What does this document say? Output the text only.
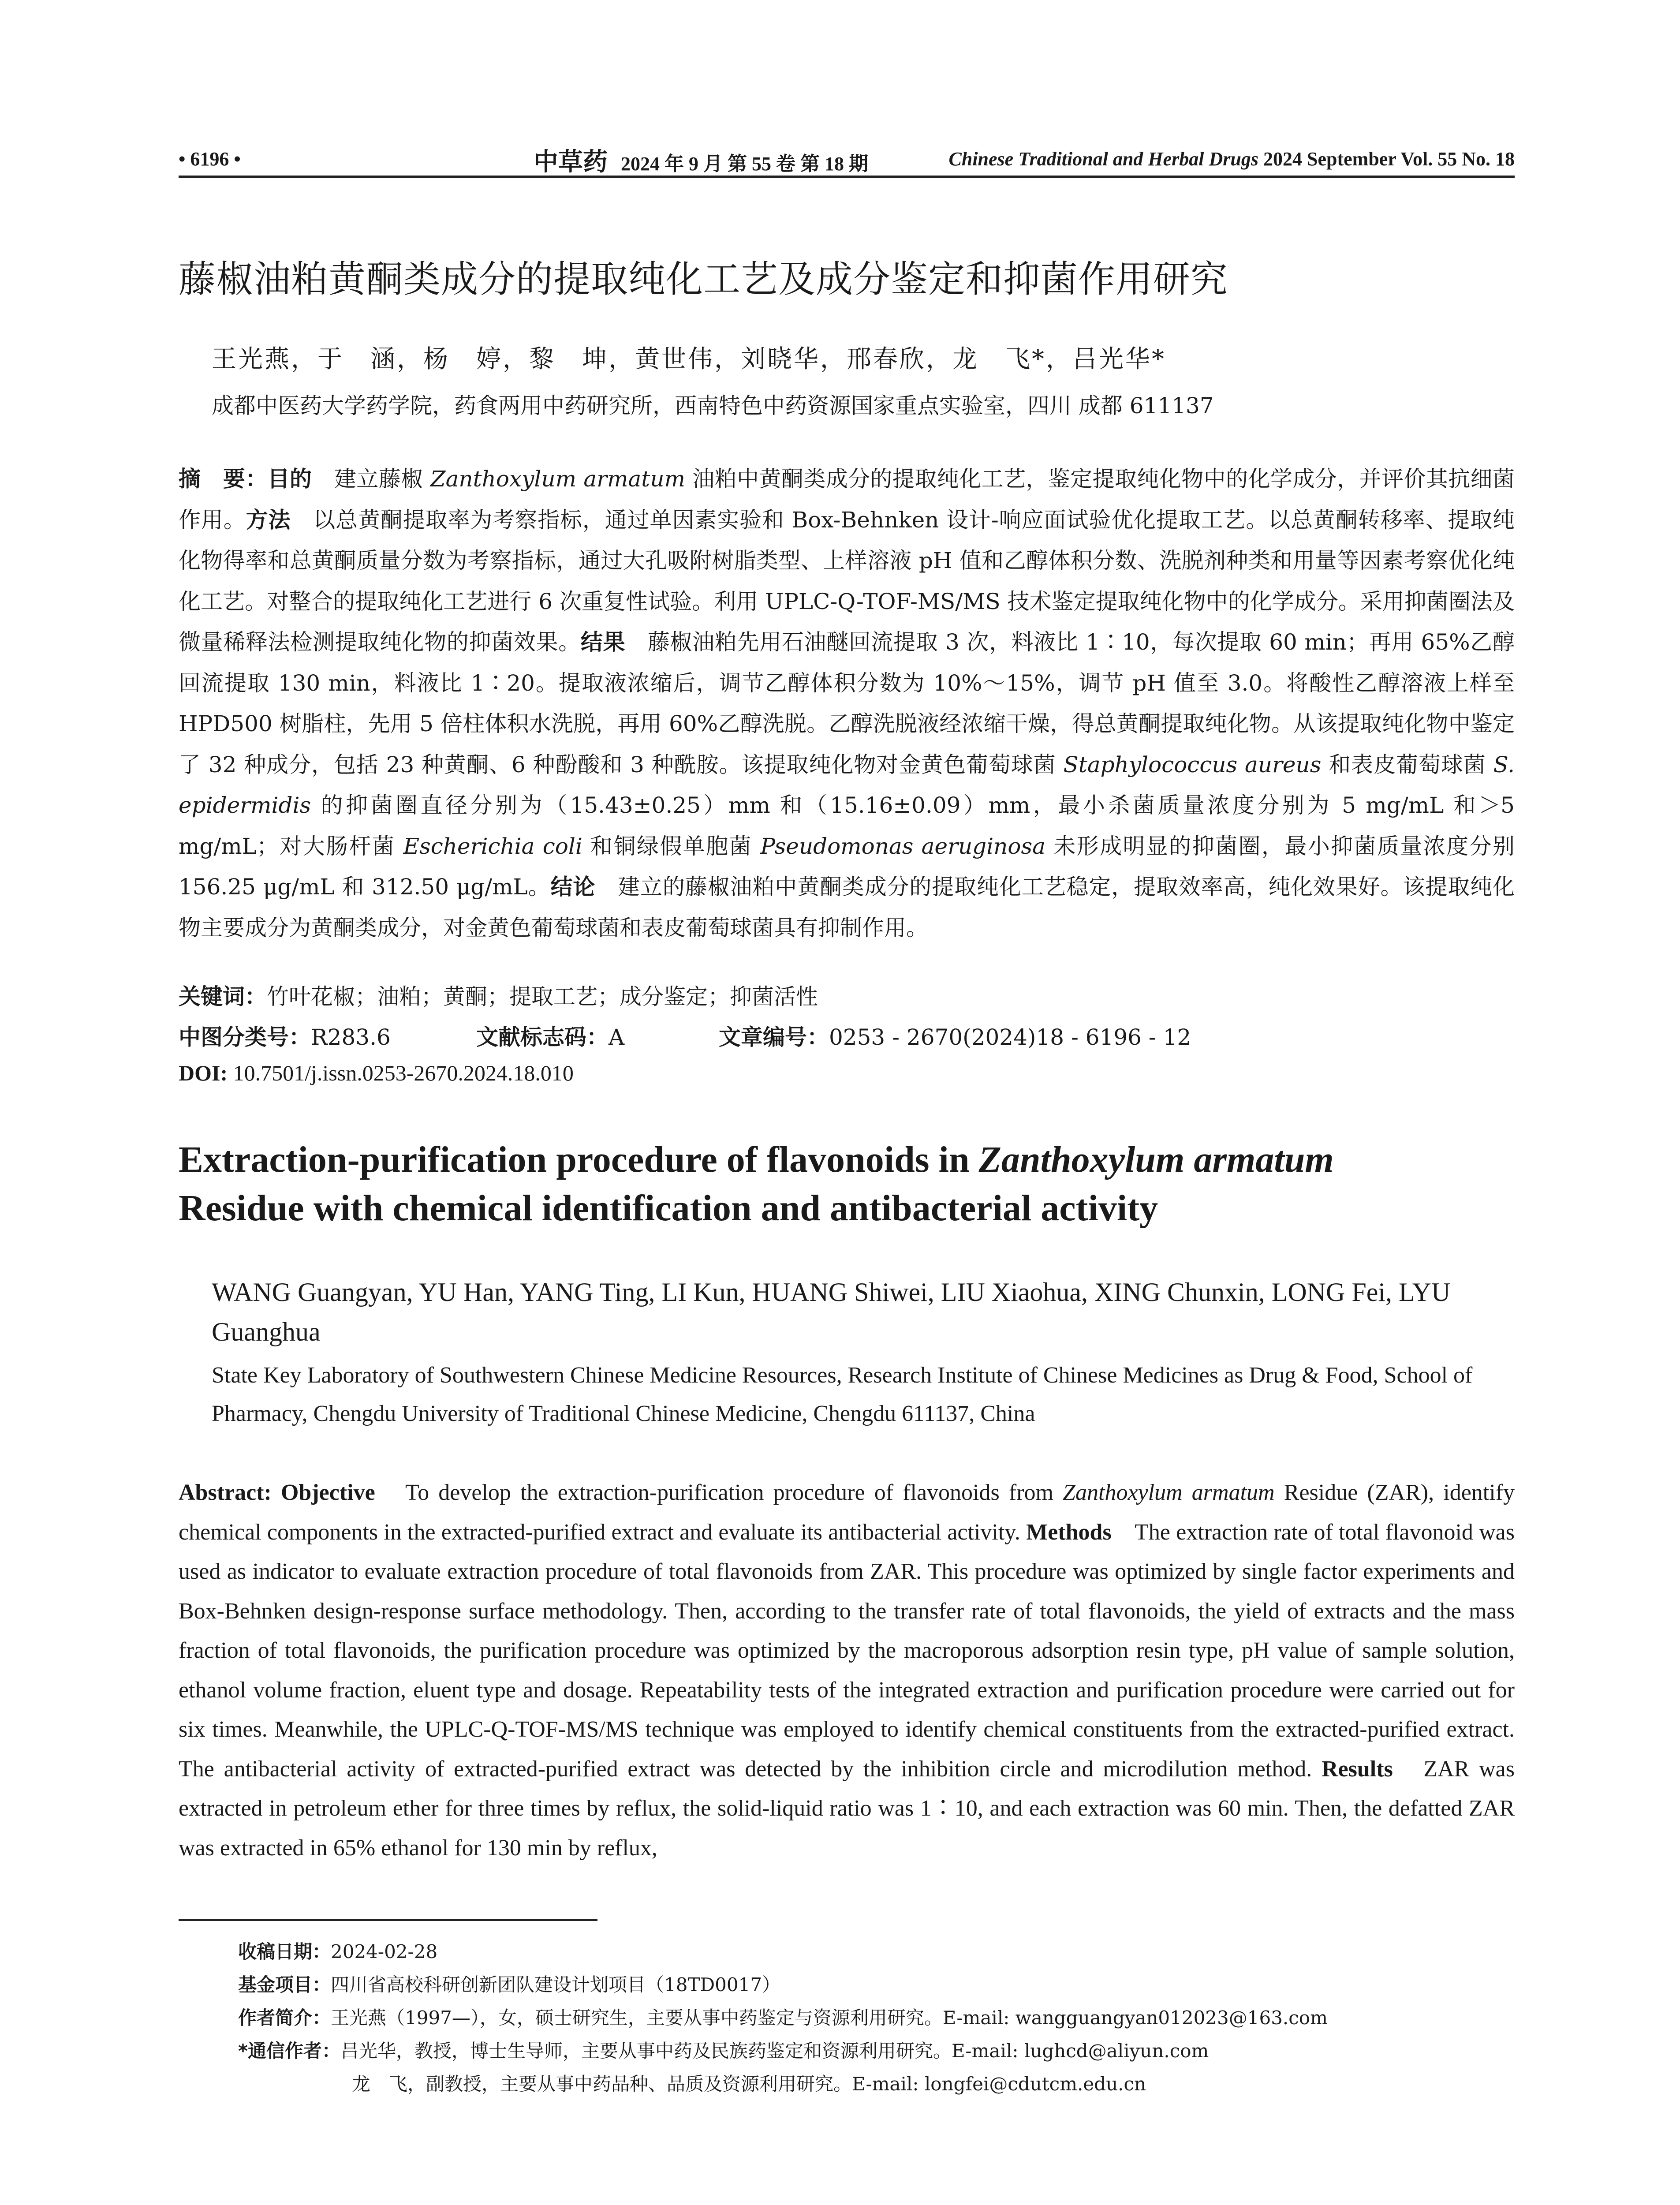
• 6196 •	中草药 2024 年 9 月 第 55 卷 第 18 期	Chinese Traditional and Herbal Drugs 2024 September Vol. 55 No. 18
藤椒油粕黄酮类成分的提取纯化工艺及成分鉴定和抑菌作用研究
王光燕，于　涵，杨　婷，黎　坤，黄世伟，刘晓华，邢春欣，龙　飞*，吕光华*
成都中医药大学药学院，药食两用中药研究所，西南特色中药资源国家重点实验室，四川 成都 611137
摘　要：目的　建立藤椒 Zanthoxylum armatum 油粕中黄酮类成分的提取纯化工艺，鉴定提取纯化物中的化学成分，并评价其抗细菌作用。方法　以总黄酮提取率为考察指标，通过单因素实验和 Box-Behnken 设计-响应面试验优化提取工艺。以总黄酮转移率、提取纯化物得率和总黄酮质量分数为考察指标，通过大孔吸附树脂类型、上样溶液 pH 值和乙醇体积分数、洗脱剂种类和用量等因素考察优化纯化工艺。对整合的提取纯化工艺进行 6 次重复性试验。利用 UPLC-Q-TOF-MS/MS 技术鉴定提取纯化物中的化学成分。采用抑菌圈法及微量稀释法检测提取纯化物的抑菌效果。结果　藤椒油粕先用石油醚回流提取 3 次，料液比 1∶10，每次提取 60 min；再用 65%乙醇回流提取 130 min，料液比 1∶20。提取液浓缩后，调节乙醇体积分数为 10%～15%，调节 pH 值至 3.0。将酸性乙醇溶液上样至 HPD500 树脂柱，先用 5 倍柱体积水洗脱，再用 60%乙醇洗脱。乙醇洗脱液经浓缩干燥，得总黄酮提取纯化物。从该提取纯化物中鉴定了 32 种成分，包括 23 种黄酮、6 种酚酸和 3 种酰胺。该提取纯化物对金黄色葡萄球菌 Staphylococcus aureus 和表皮葡萄球菌 S. epidermidis 的抑菌圈直径分别为（15.43±0.25）mm 和（15.16±0.09）mm，最小杀菌质量浓度分别为 5 mg/mL 和＞5 mg/mL；对大肠杆菌 Escherichia coli 和铜绿假单胞菌 Pseudomonas aeruginosa 未形成明显的抑菌圈，最小抑菌质量浓度分别 156.25 μg/mL 和 312.50 μg/mL。结论　建立的藤椒油粕中黄酮类成分的提取纯化工艺稳定，提取效率高，纯化效果好。该提取纯化物主要成分为黄酮类成分，对金黄色葡萄球菌和表皮葡萄球菌具有抑制作用。
关键词：竹叶花椒；油粕；黄酮；提取工艺；成分鉴定；抑菌活性
中图分类号：R283.6	文献标志码：A	文章编号：0253 - 2670(2024)18 - 6196 - 12
DOI: 10.7501/j.issn.0253-2670.2024.18.010
Extraction-purification procedure of flavonoids in Zanthoxylum armatum
Residue with chemical identification and antibacterial activity
WANG Guangyan, YU Han, YANG Ting, LI Kun, HUANG Shiwei, LIU Xiaohua, XING Chunxin, LONG Fei, LYU Guanghua
State Key Laboratory of Southwestern Chinese Medicine Resources, Research Institute of Chinese Medicines as Drug & Food, School of Pharmacy, Chengdu University of Traditional Chinese Medicine, Chengdu 611137, China
Abstract: Objective　To develop the extraction-purification procedure of flavonoids from Zanthoxylum armatum Residue (ZAR), identify chemical components in the extracted-purified extract and evaluate its antibacterial activity. Methods　The extraction rate of total flavonoid was used as indicator to evaluate extraction procedure of total flavonoids from ZAR. This procedure was optimized by single factor experiments and Box-Behnken design-response surface methodology. Then, according to the transfer rate of total flavonoids, the yield of extracts and the mass fraction of total flavonoids, the purification procedure was optimized by the macroporous adsorption resin type, pH value of sample solution, ethanol volume fraction, eluent type and dosage. Repeatability tests of the integrated extraction and purification procedure were carried out for six times. Meanwhile, the UPLC-Q-TOF-MS/MS technique was employed to identify chemical constituents from the extracted-purified extract. The antibacterial activity of extracted-purified extract was detected by the inhibition circle and microdilution method. Results　ZAR was extracted in petroleum ether for three times by reflux, the solid-liquid ratio was 1∶10, and each extraction was 60 min. Then, the defatted ZAR was extracted in 65% ethanol for 130 min by reflux,
收稿日期：2024-02-28
基金项目：四川省高校科研创新团队建设计划项目（18TD0017）
作者简介：王光燕（1997—），女，硕士研究生，主要从事中药鉴定与资源利用研究。E-mail: wangguangyan012023@163.com
*通信作者：吕光华，教授，博士生导师，主要从事中药及民族药鉴定和资源利用研究。E-mail: lughcd@aliyun.com
龙　飞，副教授，主要从事中药品种、品质及资源利用研究。E-mail: longfei@cdutcm.edu.cn
